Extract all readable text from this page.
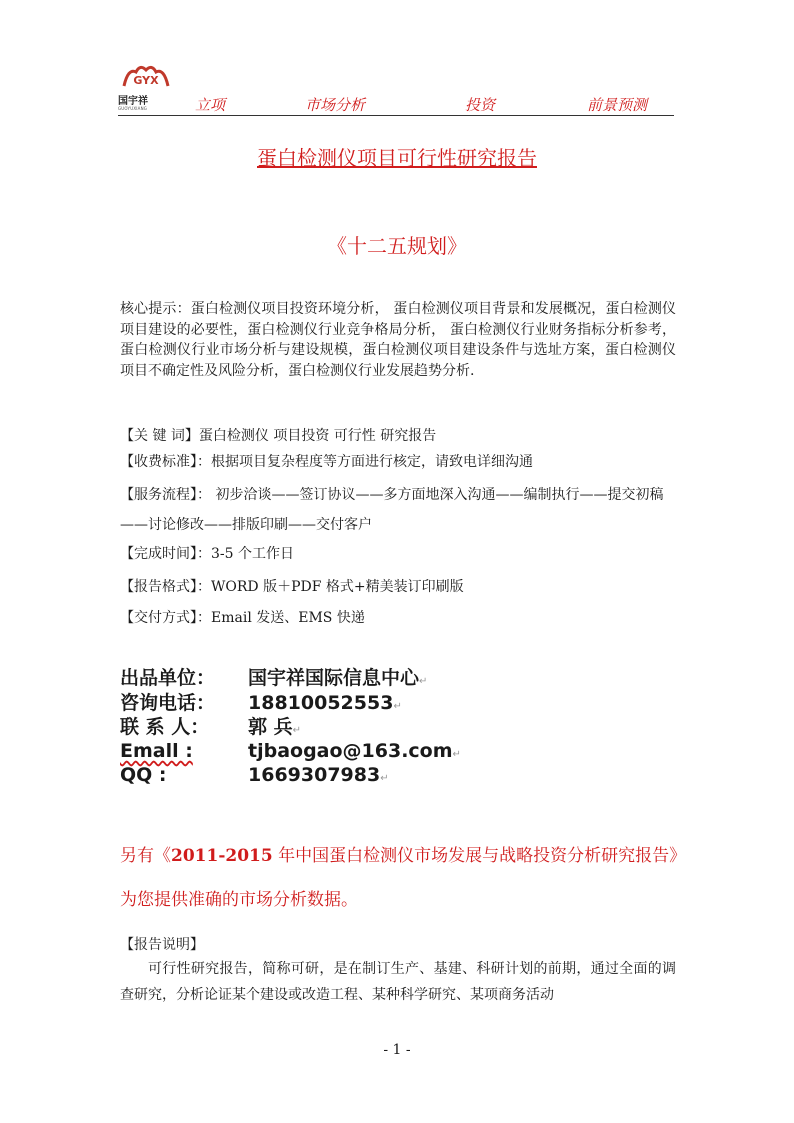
GYX
国宇祥
GUOYUXIANG	立项	市场分析	投资	前景预测
蛋白检测仪项目可行性研究报告
《十二五规划》
核心提示：蛋白检测仪项目投资环境分析， 蛋白检测仪项目背景和发展概况，蛋白检测仪项目建设的必要性，蛋白检测仪行业竞争格局分析， 蛋白检测仪行业财务指标分析参考，蛋白检测仪行业市场分析与建设规模，蛋白检测仪项目建设条件与选址方案，蛋白检测仪项目不确定性及风险分析，蛋白检测仪行业发展趋势分析.
【关 键 词】蛋白检测仪 项目投资 可行性 研究报告
【收费标准】：根据项目复杂程度等方面进行核定，请致电详细沟通
【服务流程】： 初步洽谈——签订协议——多方面地深入沟通——编制执行——提交初稿——讨论修改——排版印刷——交付客户
【完成时间】：3-5 个工作日
【报告格式】：WORD 版＋PDF 格式+精美装订印刷版
【交付方式】：Email 发送、EMS 快递
出品单位： 国宇祥国际信息中心↵
咨询电话： 18810052553↵
联 系 人： 郭 兵↵
Emall :	tjbaogao@163.com↵
QQ :	1669307983↵
另有《2011-2015 年中国蛋白检测仪市场发展与战略投资分析研究报告》为您提供准确的市场分析数据。
【报告说明】
可行性研究报告，简称可研，是在制订生产、基建、科研计划的前期，通过全面的调查研究，分析论证某个建设或改造工程、某种科学研究、某项商务活动
- 1 -
